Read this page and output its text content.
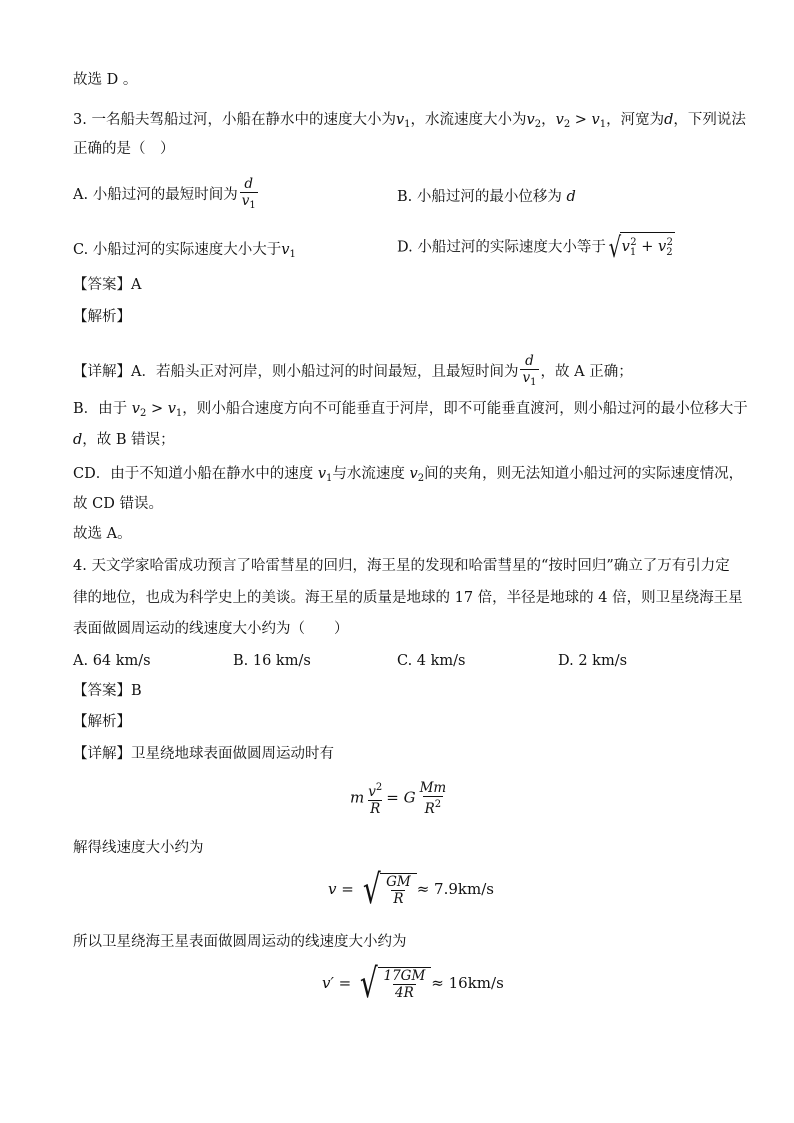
故选 D 。
3. 一名船夫驾船过河，小船在静水中的速度大小为$v_1$，水流速度大小为$v_2$，$v_2 > v_1$，河宽为d，下列说法
正确的是（　）
A. 小船过河的最短时间为 $\frac{d}{v_1}$	B. 小船过河的最小位移为 d
C. 小船过河的实际速度大小大于$v_1$	D. 小船过河的实际速度大小等于 √ $v_1^2 + v_2^2$
【答案】A
【解析】
【详解】A．若船头正对河岸，则小船过河的时间最短，且最短时间为 $\frac{d}{v_1}$ ，故 A 正确；
B．由于 $v_2 > v_1$，则小船合速度方向不可能垂直于河岸，即不可能垂直渡河，则小船过河的最小位移大于
d，故 B 错误；
CD．由于不知道小船在静水中的速度 $v_1$与水流速度 $v_2$间的夹角，则无法知道小船过河的实际速度情况，
故 CD 错误。
故选 A。
4. 天文学家哈雷成功预言了哈雷彗星的回归，海王星的发现和哈雷彗星的“按时回归”确立了万有引力定
律的地位，也成为科学史上的美谈。海王星的质量是地球的 17 倍，半径是地球的 4 倍，则卫星绕海王星
表面做圆周运动的线速度大小约为（　　）
A. 64 km/s	B. 16 km/s	C. 4 km/s	D. 2 km/s
【答案】B
【解析】
【详解】卫星绕地球表面做圆周运动时有
m $\frac{v^2}{R} = G \frac{Mm}{R^2}$
解得线速度大小约为
v = √ $\frac{GM}{R} \approx 7.9km/s$
所以卫星绕海王星表面做圆周运动的线速度大小约为
v′ = √ $\frac{17GM}{4R} \approx 16km/s$
